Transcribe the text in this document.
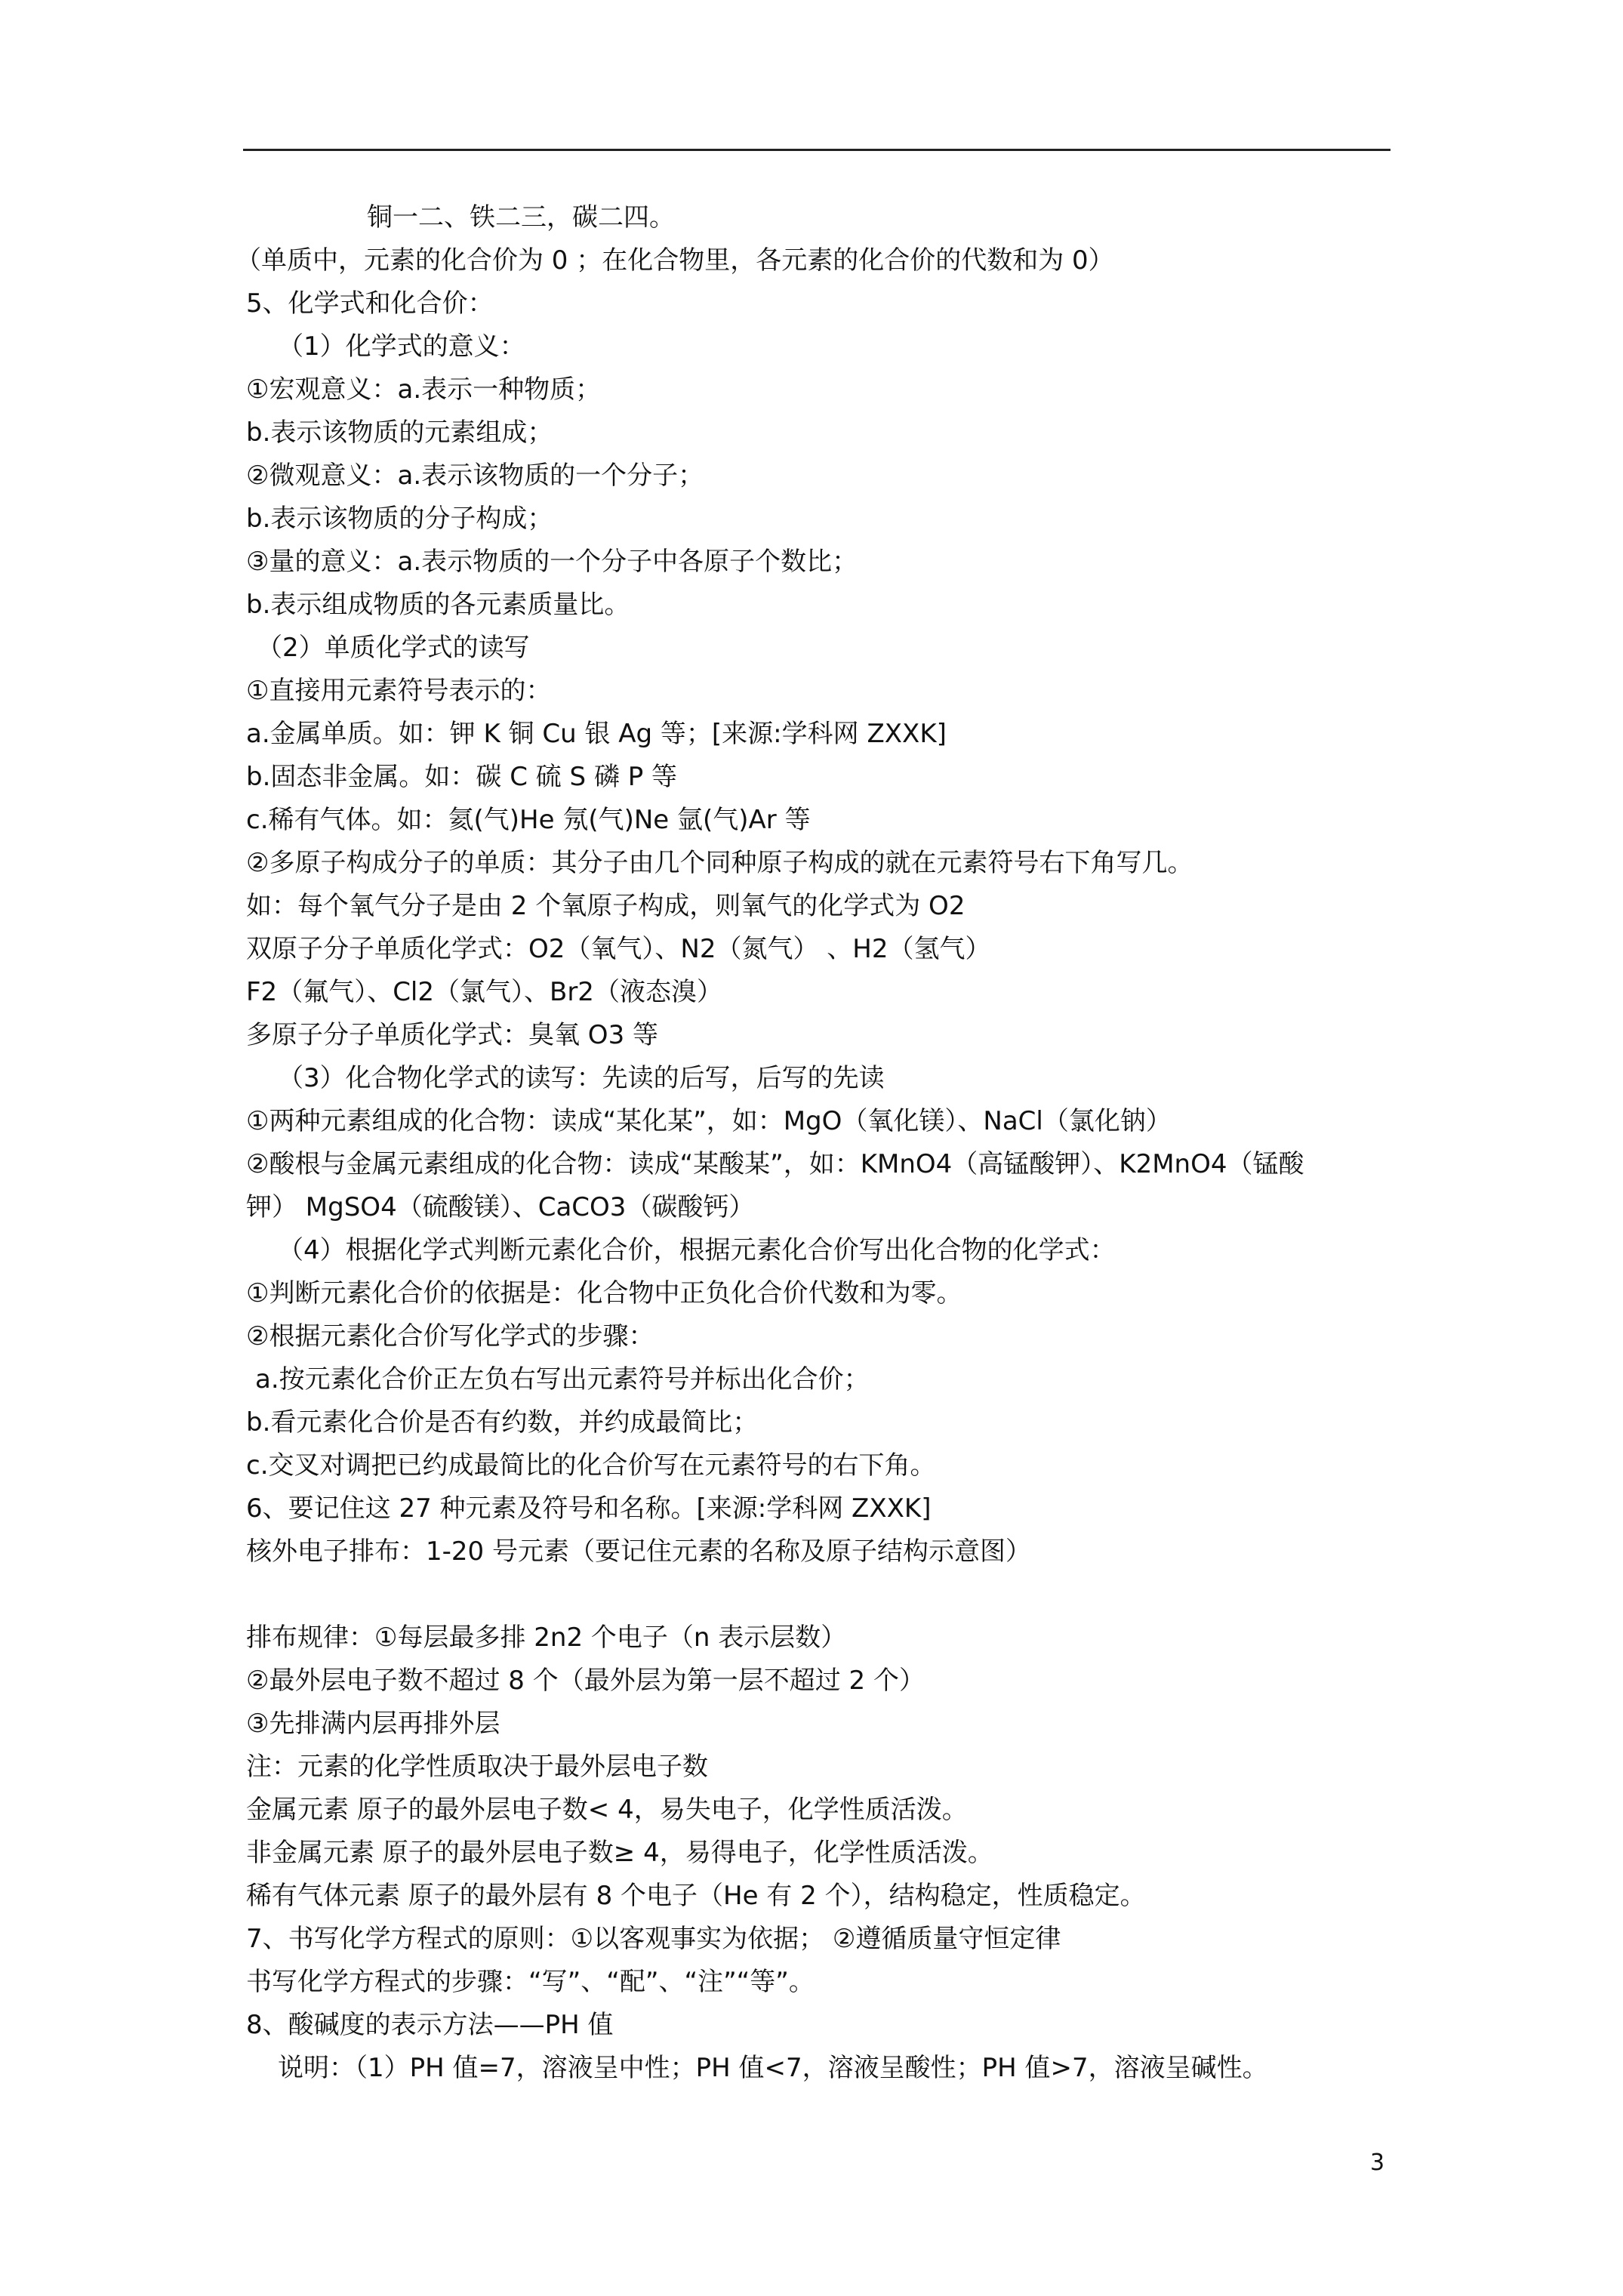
铜一二、铁二三，碳二四。
（单质中，元素的化合价为 0 ；在化合物里，各元素的化合价的代数和为 0）
5、化学式和化合价：
（1）化学式的意义：
①宏观意义：a.表示一种物质；
b.表示该物质的元素组成；
②微观意义：a.表示该物质的一个分子；
b.表示该物质的分子构成；
③量的意义：a.表示物质的一个分子中各原子个数比；
b.表示组成物质的各元素质量比。
（2）单质化学式的读写
①直接用元素符号表示的：
a.金属单质。如：钾 K 铜 Cu 银 Ag 等；[来源:学科网 ZXXK]
b.固态非金属。如：碳 C 硫 S 磷 P 等
c.稀有气体。如：氦(气)He 氖(气)Ne 氩(气)Ar 等
②多原子构成分子的单质：其分子由几个同种原子构成的就在元素符号右下角写几。
如：每个氧气分子是由 2 个氧原子构成，则氧气的化学式为 O2
双原子分子单质化学式：O2（氧气）、N2（氮气） 、H2（氢气）
F2（氟气）、Cl2（氯气）、Br2（液态溴）
多原子分子单质化学式：臭氧 O3 等
（3）化合物化学式的读写：先读的后写，后写的先读
①两种元素组成的化合物：读成“某化某”，如：MgO（氧化镁）、NaCl（氯化钠）
②酸根与金属元素组成的化合物：读成“某酸某”，如：KMnO4（高锰酸钾）、K2MnO4（锰酸
钾） MgSO4（硫酸镁）、CaCO3（碳酸钙）
（4）根据化学式判断元素化合价，根据元素化合价写出化合物的化学式：
①判断元素化合价的依据是：化合物中正负化合价代数和为零。
②根据元素化合价写化学式的步骤：
a.按元素化合价正左负右写出元素符号并标出化合价；
b.看元素化合价是否有约数，并约成最简比；
c.交叉对调把已约成最简比的化合价写在元素符号的右下角。
6、要记住这 27 种元素及符号和名称。[来源:学科网 ZXXK]
核外电子排布：1-20 号元素（要记住元素的名称及原子结构示意图）
排布规律：①每层最多排 2n2 个电子（n 表示层数）
②最外层电子数不超过 8 个（最外层为第一层不超过 2 个）
③先排满内层再排外层
注：元素的化学性质取决于最外层电子数
金属元素 原子的最外层电子数< 4，易失电子，化学性质活泼。
非金属元素 原子的最外层电子数≥ 4，易得电子，化学性质活泼。
稀有气体元素 原子的最外层有 8 个电子（He 有 2 个），结构稳定，性质稳定。
7、书写化学方程式的原则：①以客观事实为依据； ②遵循质量守恒定律
书写化学方程式的步骤：“写”、“配”、“注”“等”。
8、酸碱度的表示方法——PH 值
说明：（1）PH 值=7，溶液呈中性；PH 值<7，溶液呈酸性；PH 值>7，溶液呈碱性。
3
